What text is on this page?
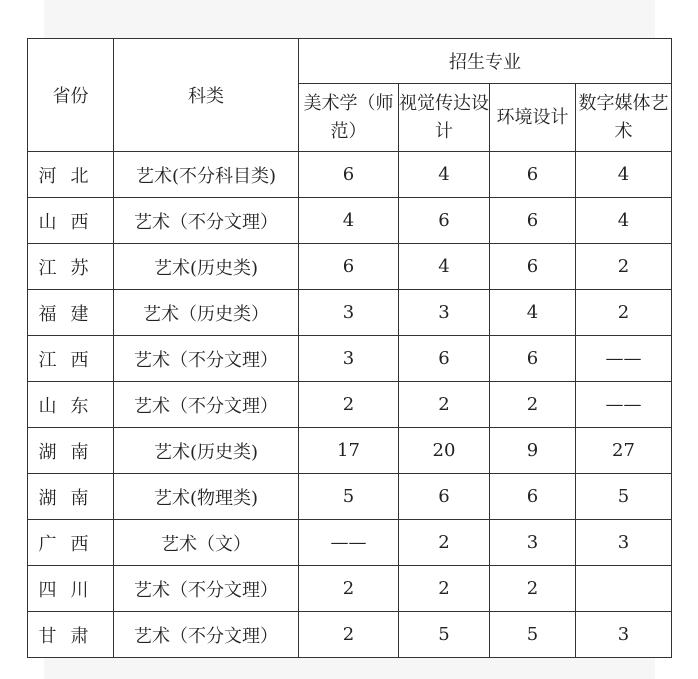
省份	科类	招生专业			
		美术学（师范）	视觉传达设计	环境设计	数字媒体艺术
河北	艺术(不分科目类)	6	4	6	4
山西	艺术（不分文理）	4	6	6	4
江苏	艺术(历史类)	6	4	6	2
福建	艺术（历史类）	3	3	4	2
江西	艺术（不分文理）	3	6	6	——
山东	艺术（不分文理）	2	2	2	——
湖南	艺术(历史类)	17	20	9	27
湖南	艺术(物理类)	5	6	6	5
广西	艺术（文）	——	2	3	3
四川	艺术（不分文理）	2	2	2	
甘肃	艺术（不分文理）	2	5	5	3
